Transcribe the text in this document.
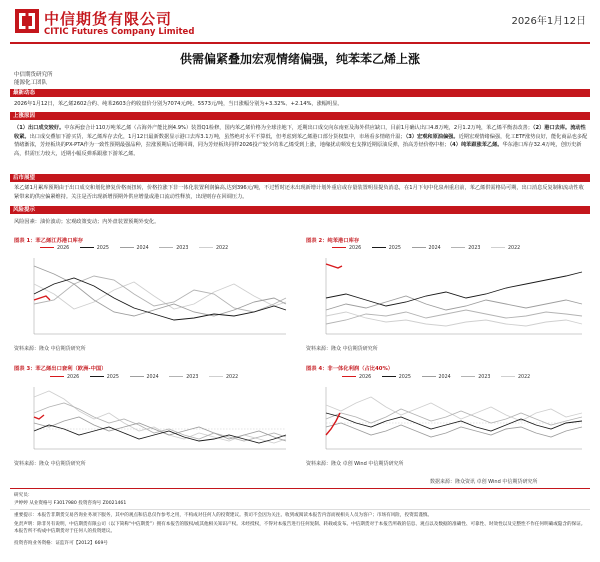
中信期货有限公司
CITIC Futures Company Limited
2026年1月12日
供需偏紧叠加宏观情绪偏强，纯苯苯乙烯上涨
中信期货研究所
能源化工团队
最新动态
2026年1月12日，苯乙烯2602合约、纯苯2603合约收盘价分别为7074元/吨、5573元/吨，当日涨幅分别为+3.32%、+2.14%，涨幅明显。
上涨原因
（1）出口成交较好。中东两套合计110万吨苯乙烯（占海外产能比例4.9%）装置Q1检修，国内苯乙烯价格为全球洼地下，近期出口成交向东南亚及海外供应缺口，目前1月确认出口4.8万吨，2月1.2万吨，苯乙烯平衡表改善；（2）港口去库。流动性收紧。出口成交叠加下游买货，苯乙烯库存去化，1月12日最新数据显示港口去库3.1万吨，虽然绝对水平不算低，但考虑到苯乙烯港口部分货权集中，市场看多情绪升温；（3）宏观和原油偏强。近期宏观情绪偏强，化工ETF涨势良好，能化商品也多配情绪渐浓，芳烃板块的PX-PTA作为一致性预期最强品种，拉涨预期后近期回调，同为芳烃板块同样2026投产较少的苯乙烯受到上涨，地缘扰动频发也支撑近期原油反弹，抬高芳烃价格中枢；（4）纯苯跟涨苯乙烯。华东港口库存32.4万吨，创历史新高，供需压力较大，近期小幅反弹系跟涨下游苯乙烯。
后市展望
苯乙烯1月累库预期由于出口成交和划化修复价格而扭转，价格拉涨下非一体化装置利润偏高,达到396元/吨，不过暂时还未出现新增计划外重启或存量装置明显提负消息，在1月下旬中化泉州重启前，苯乙烯供需格局可期，出口消息反复制和流动性收紧带来的供应偏紧维持。关注是否出现新增预期外供应增量或港口流动性释放，出现则存在回调压力。
风险提示
风险因素：油价波动；宏观政策变动；内外盘装置预期外变化。
图表 1：苯乙烯江苏港口库存
2026	2025	2024	2023	2022
资料来源：隆众 中信期货研究所
图表 2：纯苯港口库存
2026	2025	2024	2023	2022
资料来源：隆众 中信期货研究所
图表 3：苯乙烯出口套利（欧洲-中国）
2026	2025	2024	2023	2022
资料来源：隆众 中信期货研究所
图表 4：非一体化利润（占比40%）
2026	2025	2024	2023	2022
资料来源：隆众 卓创 Wind 中信期货研究所
数据来源：隆众资讯 卓创 Wind 中信期货研究所
研究员：
尹婷婷 从业资格号 F3017980 投资咨询号 Z0021461
重要提示：本报告非期货交易咨询业务项下服务，其中的观点和信息仅作参考之用，不构成对任何人的投资建议。我司不会因为关注、收到或阅读本报告内容而视相关人员为客户；市场有风险，投资需谨慎。
免责声明：除非另有说明，中信期货有限公司（以下简称“中信期货”）拥有本报告的版权/或其他相关知识产权。未经授权，不得对本报告进行任何复制、转载或发布。中信期货对于本报告所载的信息、观点以及数据的准确性、可靠性、时效性以及完整性不作任何明确或隐含的保证。本报告所不构成中信期货对于任何人的投资建议。
投资咨询业务资格：证监许可【2012】669号
